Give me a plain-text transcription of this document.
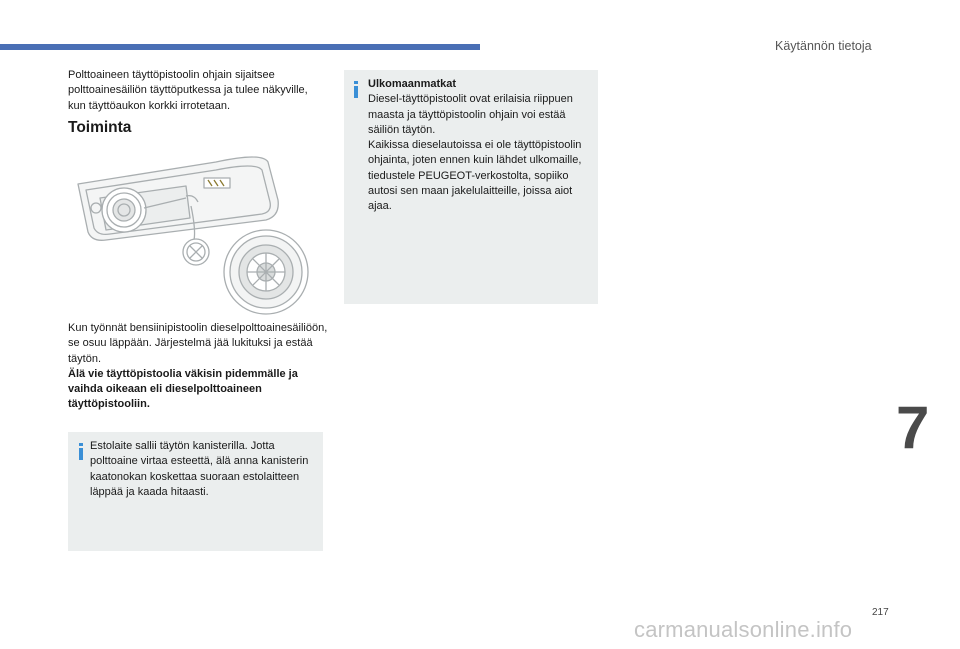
Käytännön tietoja

Polttoaineen täyttöpistoolin ohjain sijaitsee polttoainesäiliön täyttöputkessa ja tulee näkyville, kun täyttöaukon korkki irrotetaan.

Toiminta

Kun työnnät bensiinipistoolin dieselpolttoainesäiliöön, se osuu läppään. Järjestelmä jää lukituksi ja estää täytön.
Älä vie täyttöpistoolia väkisin pidemmälle ja vaihda oikeaan eli dieselpolttoaineen täyttöpistooliin.

Estolaite sallii täytön kanisterilla. Jotta polttoaine virtaa esteettä, älä anna kanisterin kaatonokan koskettaa suoraan estolaitteen läppää ja kaada hitaasti.

Ulkomaanmatkat
Diesel-täyttöpistoolit ovat erilaisia riippuen maasta ja täyttöpistoolin ohjain voi estää säiliön täytön.
Kaikissa dieselautoissa ei ole täyttöpistoolin ohjainta, joten ennen kuin lähdet ulkomaille, tiedustele PEUGEOT-verkostolta, sopiiko autosi sen maan jakelulaitteille, joissa aiot ajaa.

7
217
carmanualsonline.info
